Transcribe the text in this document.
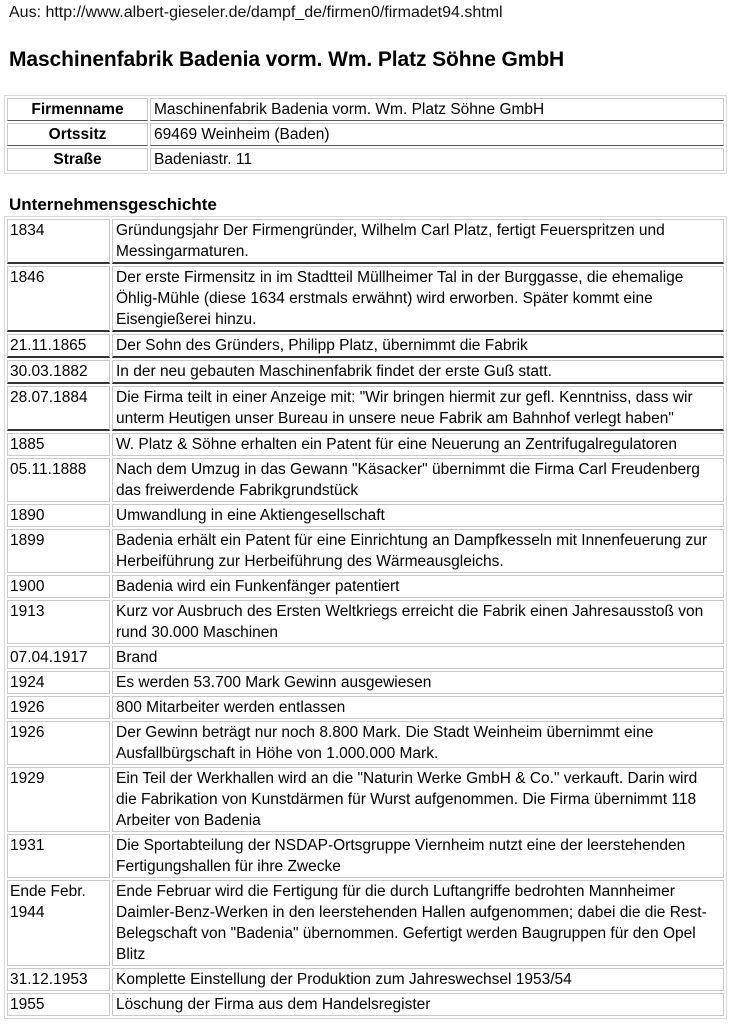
Aus: http://www.albert-gieseler.de/dampf_de/firmen0/firmadet94.shtml
Maschinenfabrik Badenia vorm. Wm. Platz Söhne GmbH
Firmenname	Maschinenfabrik Badenia vorm. Wm. Platz Söhne GmbH
Ortssitz	69469 Weinheim (Baden)
Straße	Badeniastr. 11
Unternehmensgeschichte
1834	Gründungsjahr Der Firmengründer, Wilhelm Carl Platz, fertigt Feuerspritzen und Messingarmaturen.
1846	Der erste Firmensitz in im Stadtteil Müllheimer Tal in der Burggasse, die ehemalige Öhlig-Mühle (diese 1634 erstmals erwähnt) wird erworben. Später kommt eine Eisengießerei hinzu.
21.11.1865	Der Sohn des Gründers, Philipp Platz, übernimmt die Fabrik
30.03.1882	In der neu gebauten Maschinenfabrik findet der erste Guß statt.
28.07.1884	Die Firma teilt in einer Anzeige mit: "Wir bringen hiermit zur gefl. Kenntniss, dass wir unterm Heutigen unser Bureau in unsere neue Fabrik am Bahnhof verlegt haben"
1885	W. Platz & Söhne erhalten ein Patent für eine Neuerung an Zentrifugalregulatoren
05.11.1888	Nach dem Umzug in das Gewann "Käsacker" übernimmt die Firma Carl Freudenberg das freiwerdende Fabrikgrundstück
1890	Umwandlung in eine Aktiengesellschaft
1899	Badenia erhält ein Patent für eine Einrichtung an Dampfkesseln mit Innenfeuerung zur Herbeiführung zur Herbeiführung des Wärmeausgleichs.
1900	Badenia wird ein Funkenfänger patentiert
1913	Kurz vor Ausbruch des Ersten Weltkriegs erreicht die Fabrik einen Jahresausstoß von rund 30.000 Maschinen
07.04.1917	Brand
1924	Es werden 53.700 Mark Gewinn ausgewiesen
1926	800 Mitarbeiter werden entlassen
1926	Der Gewinn beträgt nur noch 8.800 Mark. Die Stadt Weinheim übernimmt eine Ausfallbürgschaft in Höhe von 1.000.000 Mark.
1929	Ein Teil der Werkhallen wird an die "Naturin Werke GmbH & Co." verkauft. Darin wird die Fabrikation von Kunstdärmen für Wurst aufgenommen. Die Firma übernimmt 118 Arbeiter von Badenia
1931	Die Sportabteilung der NSDAP-Ortsgruppe Viernheim nutzt eine der leerstehenden Fertigungshallen für ihre Zwecke
Ende Febr. 1944	Ende Februar wird die Fertigung für die durch Luftangriffe bedrohten Mannheimer Daimler-Benz-Werken in den leerstehenden Hallen aufgenommen; dabei die die Rest-Belegschaft von "Badenia" übernommen. Gefertigt werden Baugruppen für den Opel Blitz
31.12.1953	Komplette Einstellung der Produktion zum Jahreswechsel 1953/54
1955	Löschung der Firma aus dem Handelsregister
